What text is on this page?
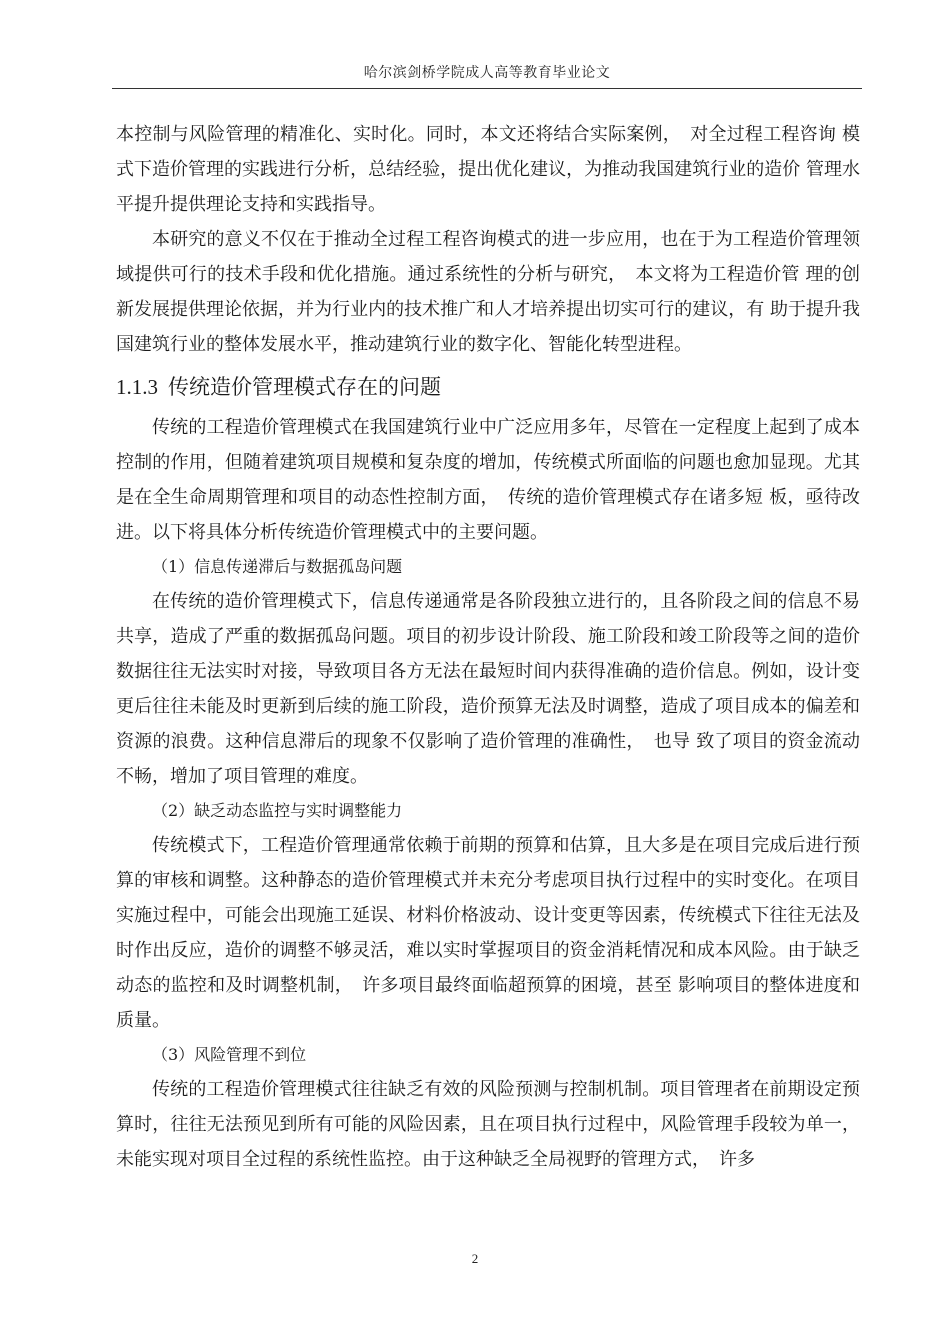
哈尔滨剑桥学院成人高等教育毕业论文

本控制与风险管理的精准化、实时化。同时，本文还将结合实际案例，　对全过程工程咨询 模式下造价管理的实践进行分析，总结经验，提出优化建议，为推动我国建筑行业的造价 管理水平提升提供理论支持和实践指导。

本研究的意义不仅在于推动全过程工程咨询模式的进一步应用，也在于为工程造价管理领域提供可行的技术手段和优化措施。通过系统性的分析与研究，　本文将为工程造价管 理的创新发展提供理论依据，并为行业内的技术推广和人才培养提出切实可行的建议，有 助于提升我国建筑行业的整体发展水平，推动建筑行业的数字化、智能化转型进程。

1.1.3 传统造价管理模式存在的问题

传统的工程造价管理模式在我国建筑行业中广泛应用多年，尽管在一定程度上起到了成本控制的作用，但随着建筑项目规模和复杂度的增加，传统模式所面临的问题也愈加显现。尤其是在全生命周期管理和项目的动态性控制方面，　传统的造价管理模式存在诸多短 板，亟待改进。以下将具体分析传统造价管理模式中的主要问题。

（1）信息传递滞后与数据孤岛问题

在传统的造价管理模式下，信息传递通常是各阶段独立进行的，且各阶段之间的信息不易共享，造成了严重的数据孤岛问题。项目的初步设计阶段、施工阶段和竣工阶段等之间的造价数据往往无法实时对接，导致项目各方无法在最短时间内获得准确的造价信息。例如，设计变更后往往未能及时更新到后续的施工阶段，造价预算无法及时调整，造成了项目成本的偏差和资源的浪费。这种信息滞后的现象不仅影响了造价管理的准确性，　也导 致了项目的资金流动不畅，增加了项目管理的难度。

（2）缺乏动态监控与实时调整能力

传统模式下，工程造价管理通常依赖于前期的预算和估算，且大多是在项目完成后进行预算的审核和调整。这种静态的造价管理模式并未充分考虑项目执行过程中的实时变化。在项目实施过程中，可能会出现施工延误、材料价格波动、设计变更等因素，传统模式下往往无法及时作出反应，造价的调整不够灵活，难以实时掌握项目的资金消耗情况和成本风险。由于缺乏动态的监控和及时调整机制，　许多项目最终面临超预算的困境，甚至 影响项目的整体进度和质量。

（3）风险管理不到位

传统的工程造价管理模式往往缺乏有效的风险预测与控制机制。项目管理者在前期设定预算时，往往无法预见到所有可能的风险因素，且在项目执行过程中，风险管理手段较为单一，未能实现对项目全过程的系统性监控。由于这种缺乏全局视野的管理方式，　许多

2
